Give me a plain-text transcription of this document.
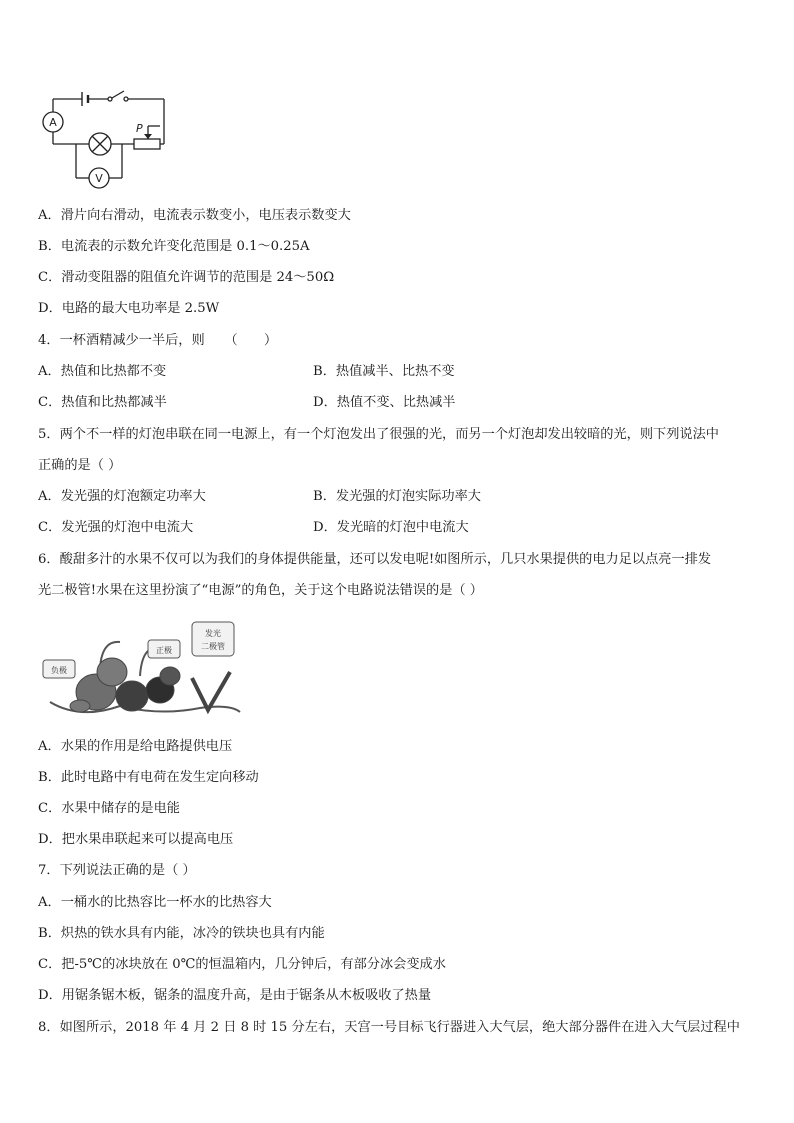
A
V
P
A．滑片向右滑动，电流表示数变小，电压表示数变大
B．电流表的示数允许变化范围是 0.1～0.25A
C．滑动变阻器的阻值允许调节的范围是 24～50Ω
D．电路的最大电功率是 2.5W
4．一杯酒精减少一半后，则　　（　　）
A．热值和比热都不变	B．热值减半、比热不变
C．热值和比热都减半	D．热值不变、比热减半
5．两个不一样的灯泡串联在同一电源上，有一个灯泡发出了很强的光，而另一个灯泡却发出较暗的光，则下列说法中
正确的是（ ）
A．发光强的灯泡额定功率大	B．发光强的灯泡实际功率大
C．发光强的灯泡中电流大	D．发光暗的灯泡中电流大
6．酸甜多汁的水果不仅可以为我们的身体提供能量，还可以发电呢!如图所示，几只水果提供的电力足以点亮一排发
光二极管!水果在这里扮演了“电源”的角色，关于这个电路说法错误的是（ ）
负极
正极
发光
二极管
A．水果的作用是给电路提供电压
B．此时电路中有电荷在发生定向移动
C．水果中储存的是电能
D．把水果串联起来可以提高电压
7．下列说法正确的是（ ）
A．一桶水的比热容比一杯水的比热容大
B．炽热的铁水具有内能，冰冷的铁块也具有内能
C．把-5℃的冰块放在 0℃的恒温箱内，几分钟后，有部分冰会变成水
D．用锯条锯木板，锯条的温度升高，是由于锯条从木板吸收了热量
8．如图所示，2018 年 4 月 2 日 8 时 15 分左右，天宫一号目标飞行器进入大气层，绝大部分器件在进入大气层过程中
